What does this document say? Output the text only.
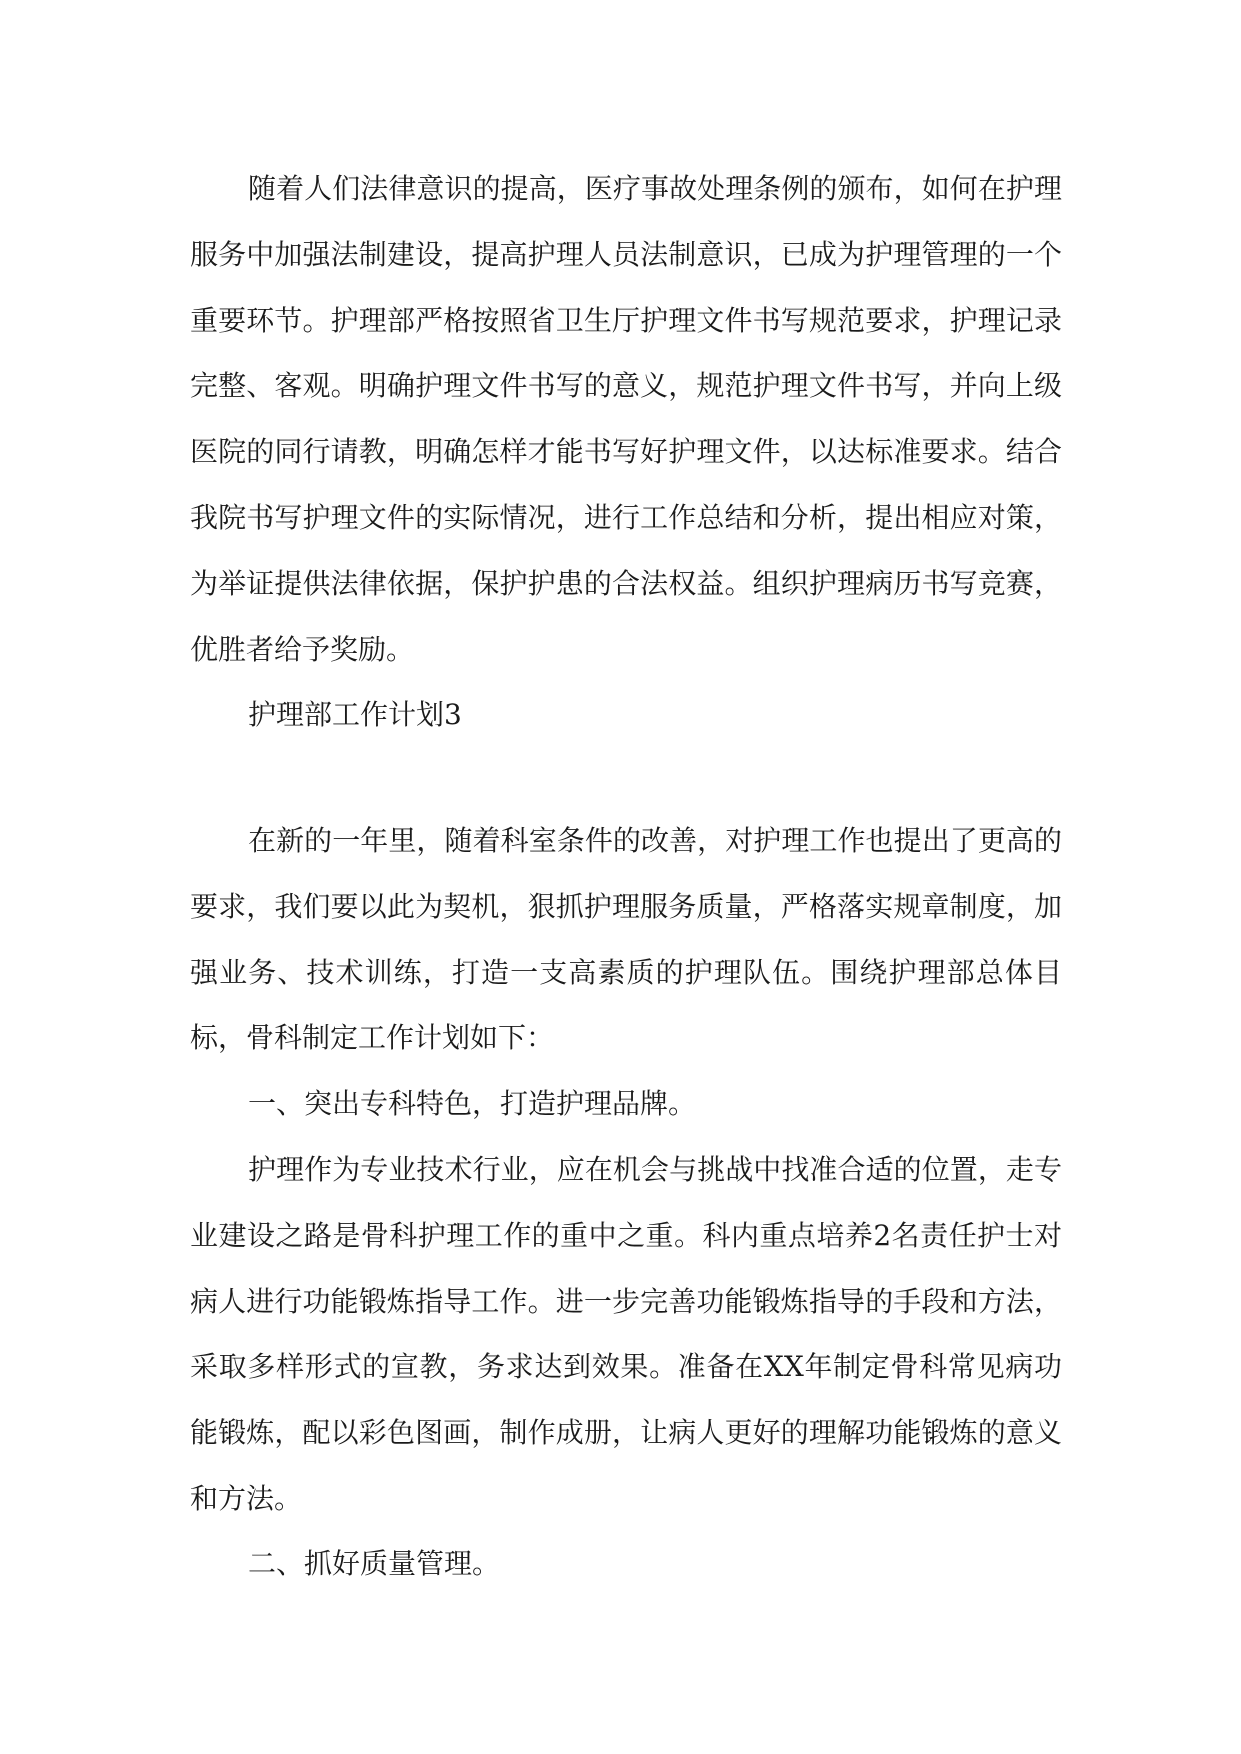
随着人们法律意识的提高，医疗事故处理条例的颁布，如何在护理服务中加强法制建设，提高护理人员法制意识，已成为护理管理的一个重要环节。护理部严格按照省卫生厅护理文件书写规范要求，护理记录完整、客观。明确护理文件书写的意义，规范护理文件书写，并向上级医院的同行请教，明确怎样才能书写好护理文件，以达标准要求。结合我院书写护理文件的实际情况，进行工作总结和分析，提出相应对策，为举证提供法律依据，保护护患的合法权益。组织护理病历书写竞赛，优胜者给予奖励。

护理部工作计划3

在新的一年里，随着科室条件的改善，对护理工作也提出了更高的要求，我们要以此为契机，狠抓护理服务质量，严格落实规章制度，加强业务、技术训练，打造一支高素质的护理队伍。围绕护理部总体目标，骨科制定工作计划如下：

一、突出专科特色，打造护理品牌。

护理作为专业技术行业，应在机会与挑战中找准合适的位置，走专业建设之路是骨科护理工作的重中之重。科内重点培养2名责任护士对病人进行功能锻炼指导工作。进一步完善功能锻炼指导的手段和方法，采取多样形式的宣教，务求达到效果。准备在XX年制定骨科常见病功能锻炼，配以彩色图画，制作成册，让病人更好的理解功能锻炼的意义和方法。

二、抓好质量管理。
